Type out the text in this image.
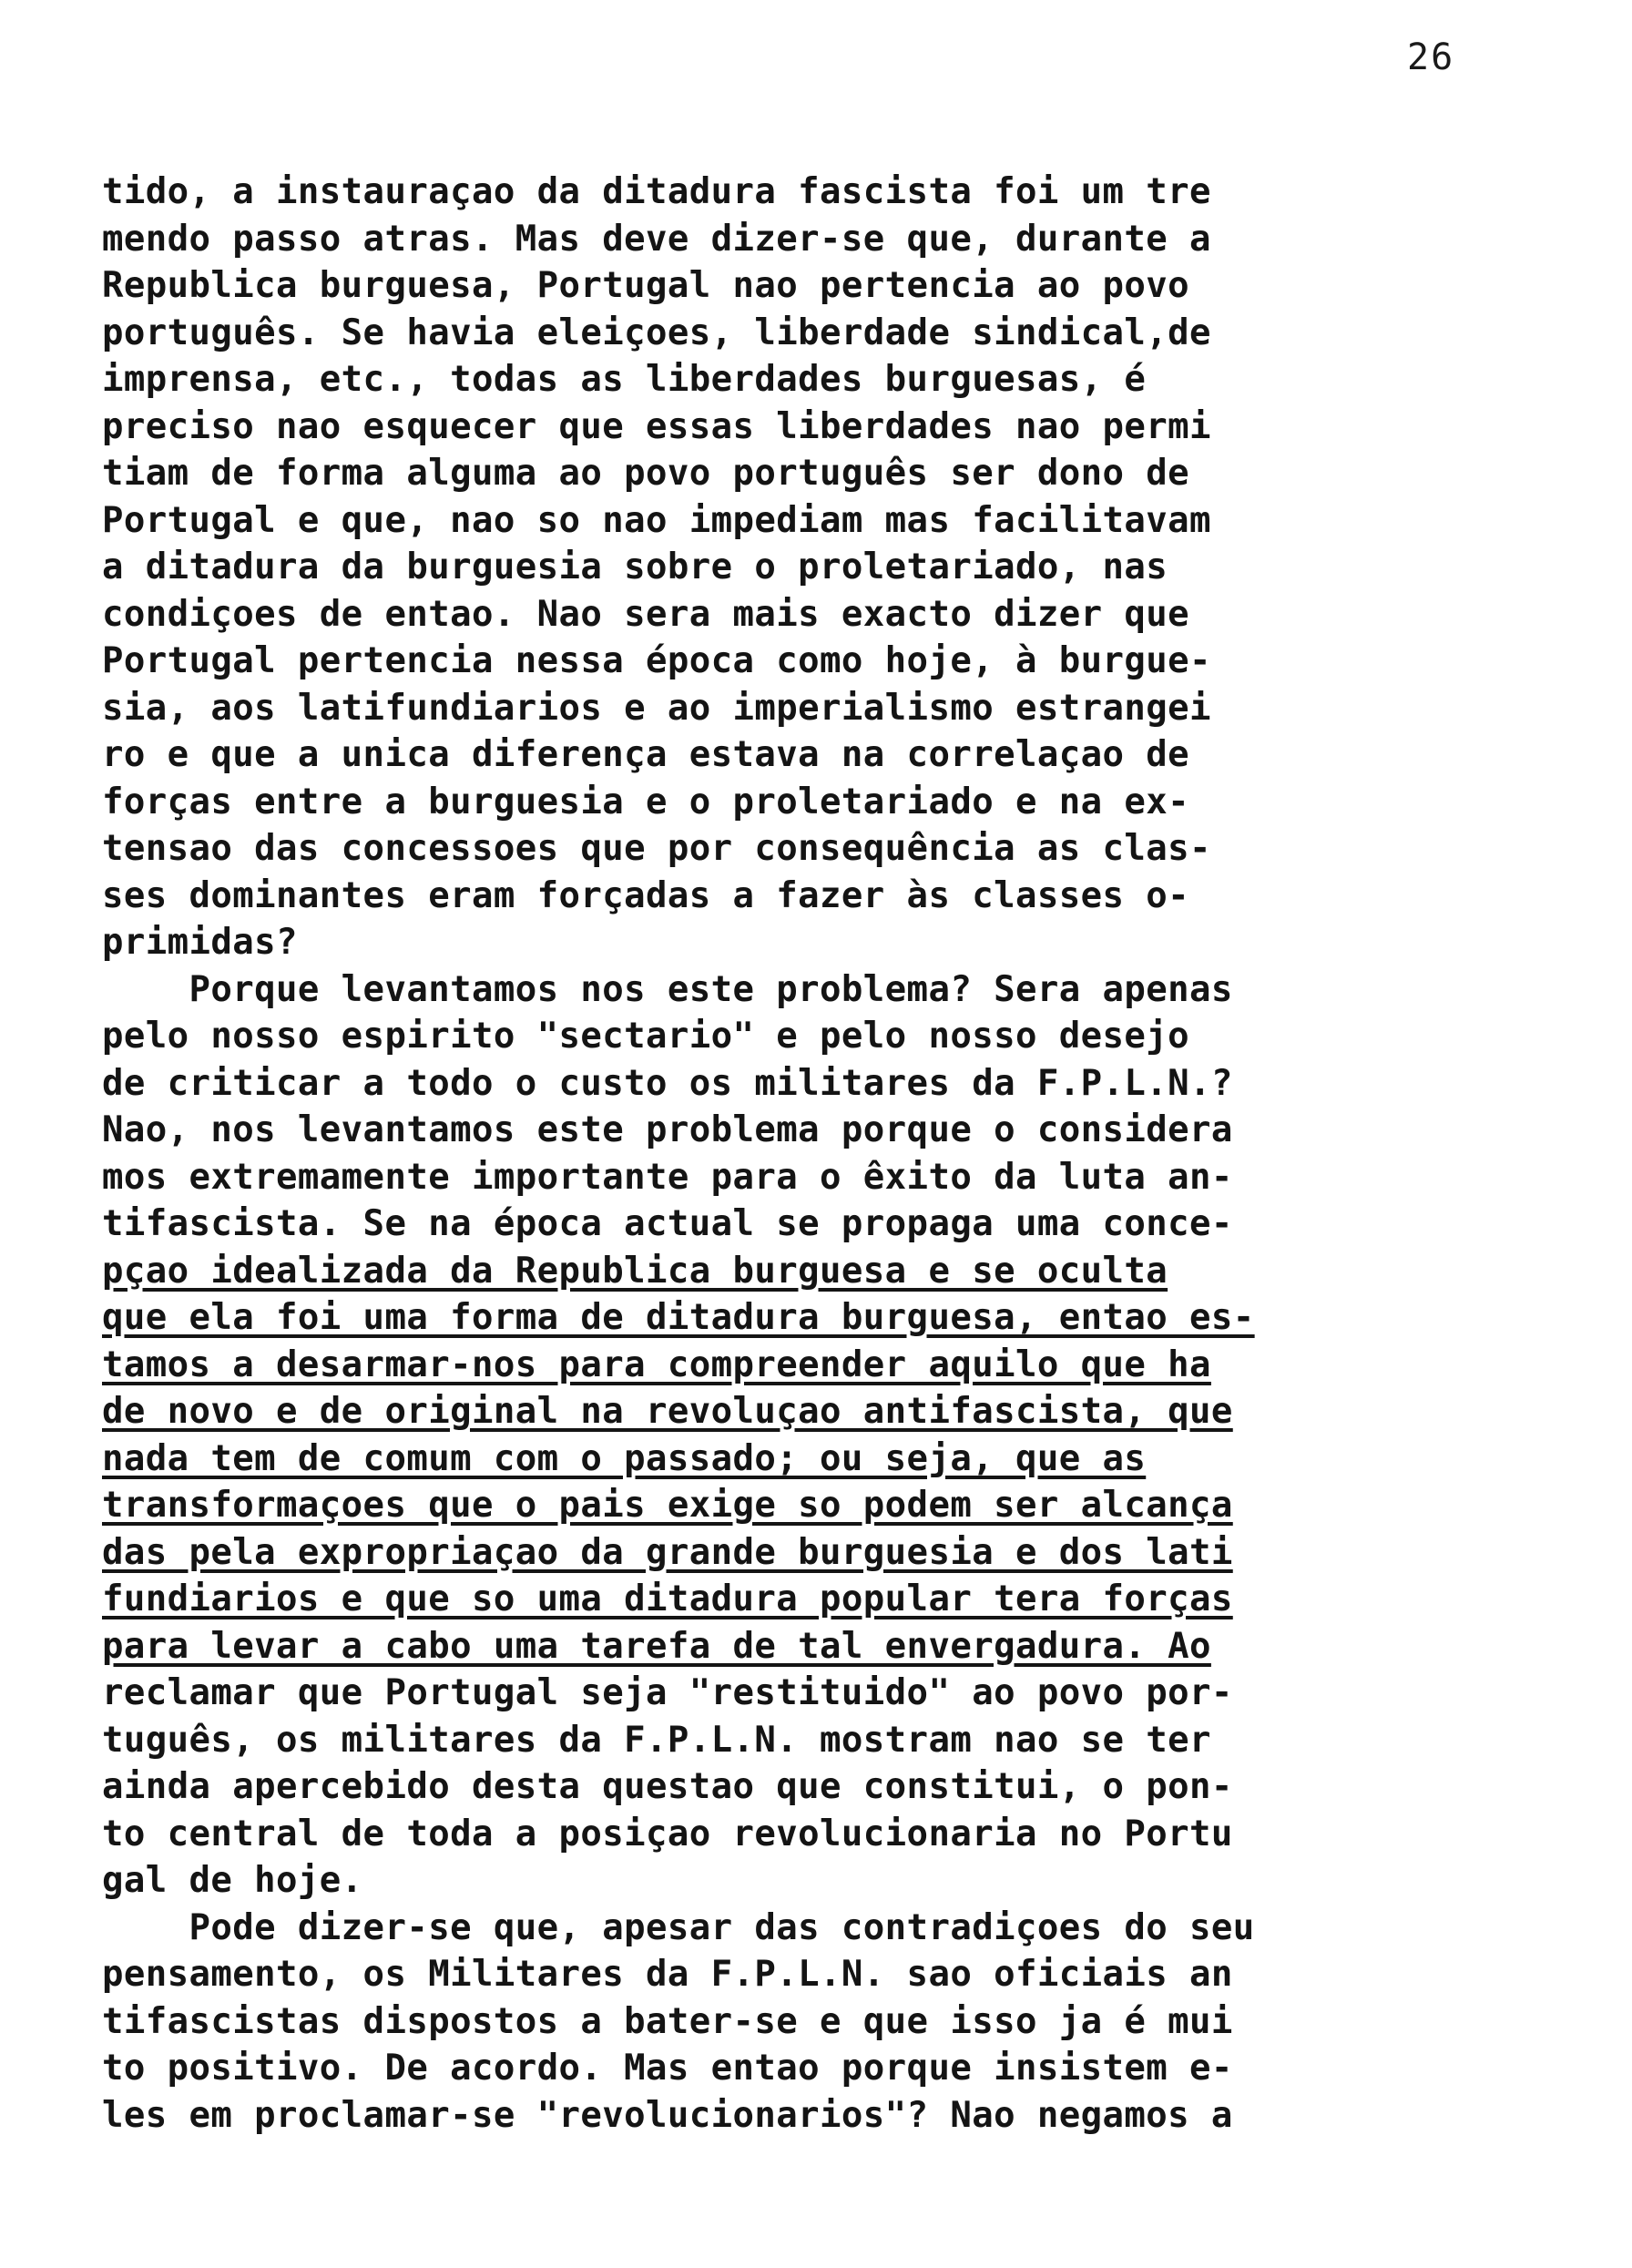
26
tido, a instauraçao da ditadura fascista foi um tre
mendo passo atras. Mas deve dizer-se que, durante a
Republica burguesa, Portugal nao pertencia ao povo
português. Se havia eleiçoes, liberdade sindical,de
imprensa, etc., todas as liberdades burguesas, é
preciso nao esquecer que essas liberdades nao permi
tiam de forma alguma ao povo português ser dono de
Portugal e que, nao so nao impediam mas facilitavam
a ditadura da burguesia sobre o proletariado, nas
condiçoes de entao. Nao sera mais exacto dizer que
Portugal pertencia nessa época como hoje, à burgue-
sia, aos latifundiarios e ao imperialismo estrangei
ro e que a unica diferença estava na correlaçao de
forças entre a burguesia e o proletariado e na ex-
tensao das concessoes que por consequência as clas-
ses dominantes eram forçadas a fazer às classes o-
primidas?
Porque levantamos nos este problema? Sera apenas
pelo nosso espirito "sectario" e pelo nosso desejo
de criticar a todo o custo os militares da F.P.L.N.?
Nao, nos levantamos este problema porque o considera
mos extremamente importante para o êxito da luta an-
tifascista. Se na época actual se propaga uma conce-
pçao idealizada da Republica burguesa e se oculta
que ela foi uma forma de ditadura burguesa, entao es-
tamos a desarmar-nos para compreender aquilo que ha
de novo e de original na revoluçao antifascista, que
nada tem de comum com o passado; ou seja, que as
transformaçoes que o pais exige so podem ser alcança
das pela expropriaçao da grande burguesia e dos lati
fundiarios e que so uma ditadura popular tera forças
para levar a cabo uma tarefa de tal envergadura. Ao
reclamar que Portugal seja "restituido" ao povo por-
tuguês, os militares da F.P.L.N. mostram nao se ter
ainda apercebido desta questao que constitui, o pon-
to central de toda a posiçao revolucionaria no Portu
gal de hoje.
Pode dizer-se que, apesar das contradiçoes do seu
pensamento, os Militares da F.P.L.N. sao oficiais an
tifascistas dispostos a bater-se e que isso ja é mui
to positivo. De acordo. Mas entao porque insistem e-
les em proclamar-se "revolucionarios"? Nao negamos a
